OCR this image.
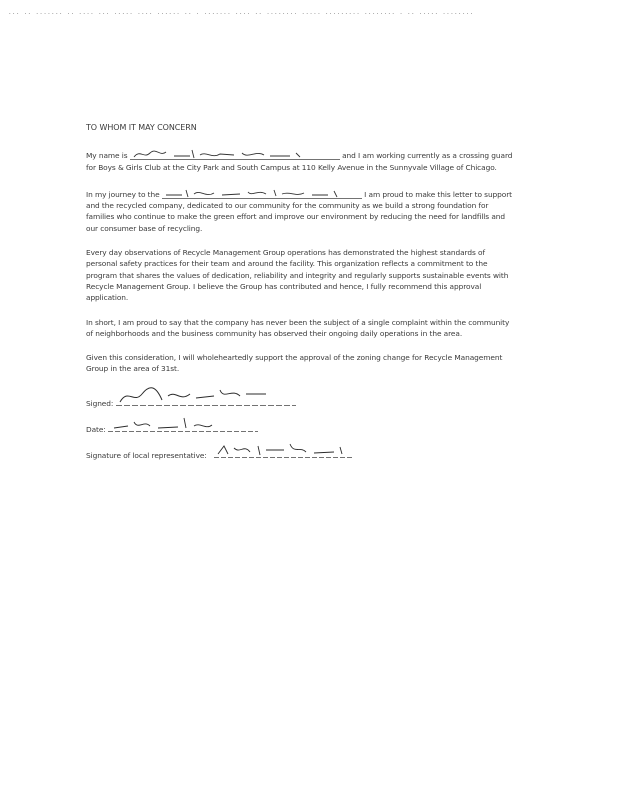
... .. ....... .. .... ... ..... .... ...... .. . ....... .... .. ........ ..... ......... ........ . .. ..... ........
TO WHOM IT MAY CONCERN

My name is	and I am working currently as a crossing guard for Boys & Girls Club at the City Park and South Campus at 110 Kelly Avenue in the Sunnyvale Village of Chicago.

In my journey to the	I am proud to make this letter to support and the recycled company, dedicated to our community for the community as we build a strong foundation for families who continue to make the green effort and improve our environment by reducing the need for landfills and our consumer base of recycling.

Every day observations of Recycle Management Group operations has demonstrated the highest standards of personal safety practices for their team and around the facility. This organization reflects a commitment to the program that shares the values of dedication, reliability and integrity and regularly supports sustainable events with Recycle Management Group. I believe the Group has contributed and hence, I fully recommend this approval application.

In short, I am proud to say that the company has never been the subject of a single complaint within the community of neighborhoods and the business community has observed their ongoing daily operations in the area.

Given this consideration, I will wholeheartedly support the approval of the zoning change for Recycle Management Group in the area of 31st.

Signed:
Date:
Signature of local representative:
